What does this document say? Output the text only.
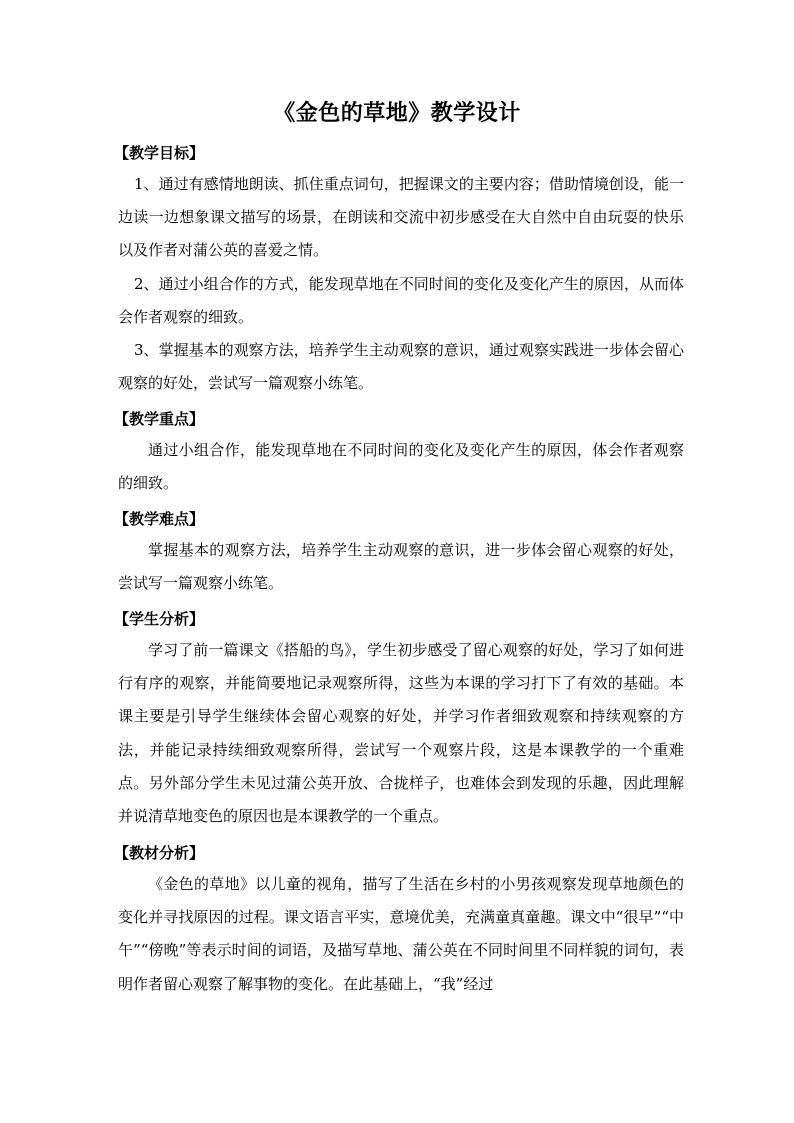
《金色的草地》教学设计
【教学目标】
1、通过有感情地朗读、抓住重点词句，把握课文的主要内容；借助情境创设，能一边读一边想象课文描写的场景，在朗读和交流中初步感受在大自然中自由玩耍的快乐以及作者对蒲公英的喜爱之情。
2、通过小组合作的方式，能发现草地在不同时间的变化及变化产生的原因，从而体会作者观察的细致。
3、掌握基本的观察方法，培养学生主动观察的意识，通过观察实践进一步体会留心观察的好处，尝试写一篇观察小练笔。
【教学重点】
通过小组合作，能发现草地在不同时间的变化及变化产生的原因，体会作者观察的细致。
【教学难点】
掌握基本的观察方法，培养学生主动观察的意识，进一步体会留心观察的好处，尝试写一篇观察小练笔。
【学生分析】
学习了前一篇课文《搭船的鸟》，学生初步感受了留心观察的好处，学习了如何进行有序的观察，并能简要地记录观察所得，这些为本课的学习打下了有效的基础。本课主要是引导学生继续体会留心观察的好处，并学习作者细致观察和持续观察的方法，并能记录持续细致观察所得，尝试写一个观察片段，这是本课教学的一个重难点。另外部分学生未见过蒲公英开放、合拢样子，也难体会到发现的乐趣，因此理解并说清草地变色的原因也是本课教学的一个重点。
【教材分析】
《金色的草地》以儿童的视角，描写了生活在乡村的小男孩观察发现草地颜色的变化并寻找原因的过程。课文语言平实，意境优美，充满童真童趣。课文中“很早”“中午”“傍晚”等表示时间的词语，及描写草地、蒲公英在不同时间里不同样貌的词句，表明作者留心观察了解事物的变化。在此基础上，“我”经过
